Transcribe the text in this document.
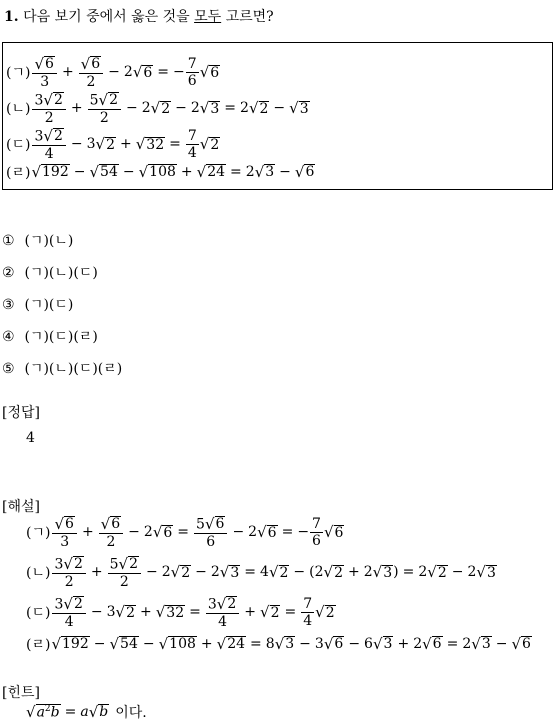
1. 다음 보기 중에서 옳은 것을 모두 고르면?
(ㄱ) $\frac{√ 6}{3} + \frac{√ 6}{2} - 2$ √ 6 = − $\frac{7}{6}$ √ 6
(ㄴ) $\frac{3 √ 2}{2} + \frac{5 √ 2}{2} - 2$ √ 2 − 2 √ 3 = 2 √ 2 − √ 3
(ㄷ) $\frac{3 √ 2}{4} - 3$ √ 2 + √ $32 = \frac{7}{4}$ √ 2
(ㄹ) √ 192 − √ 54 − √ 108 + √ 24 = 2 √ 3 − √ 6
① (ㄱ)(ㄴ)
② (ㄱ)(ㄴ)(ㄷ)
③ (ㄱ)(ㄷ)
④ (ㄱ)(ㄷ)(ㄹ)
⑤ (ㄱ)(ㄴ)(ㄷ)(ㄹ)
[정답]
4
[해설]
(ㄱ) $\frac{√ 6}{3} + \frac{√ 6}{2} - 2$ √ $6 = \frac{5 √ 6}{6} - 2$ √ 6 = − $\frac{7}{6}$ √ 6
(ㄴ) $\frac{3 √ 2}{2} + \frac{5 √ 2}{2} - 2$ √ 2 − 2 √ 3 = 4 √ 2 − (2 √ 2 + 2 √ 3 ) = 2 √ 2 − 2 √ 3
(ㄷ) $\frac{3 √ 2}{4} - 3$ √ 2 + √ $32 = \frac{3 √ 2}{4}$ + √ $2 = \frac{7}{4}$ √ 2
(ㄹ) √ 192 − √ 54 − √ 108 + √ 24 = 8 √ 3 − 3 √ 6 − 6 √ 3 + 2 √ 6 = 2 √ 3 − √ 6
[힌트]
√ $a^2b = a$ √ b 이다.
